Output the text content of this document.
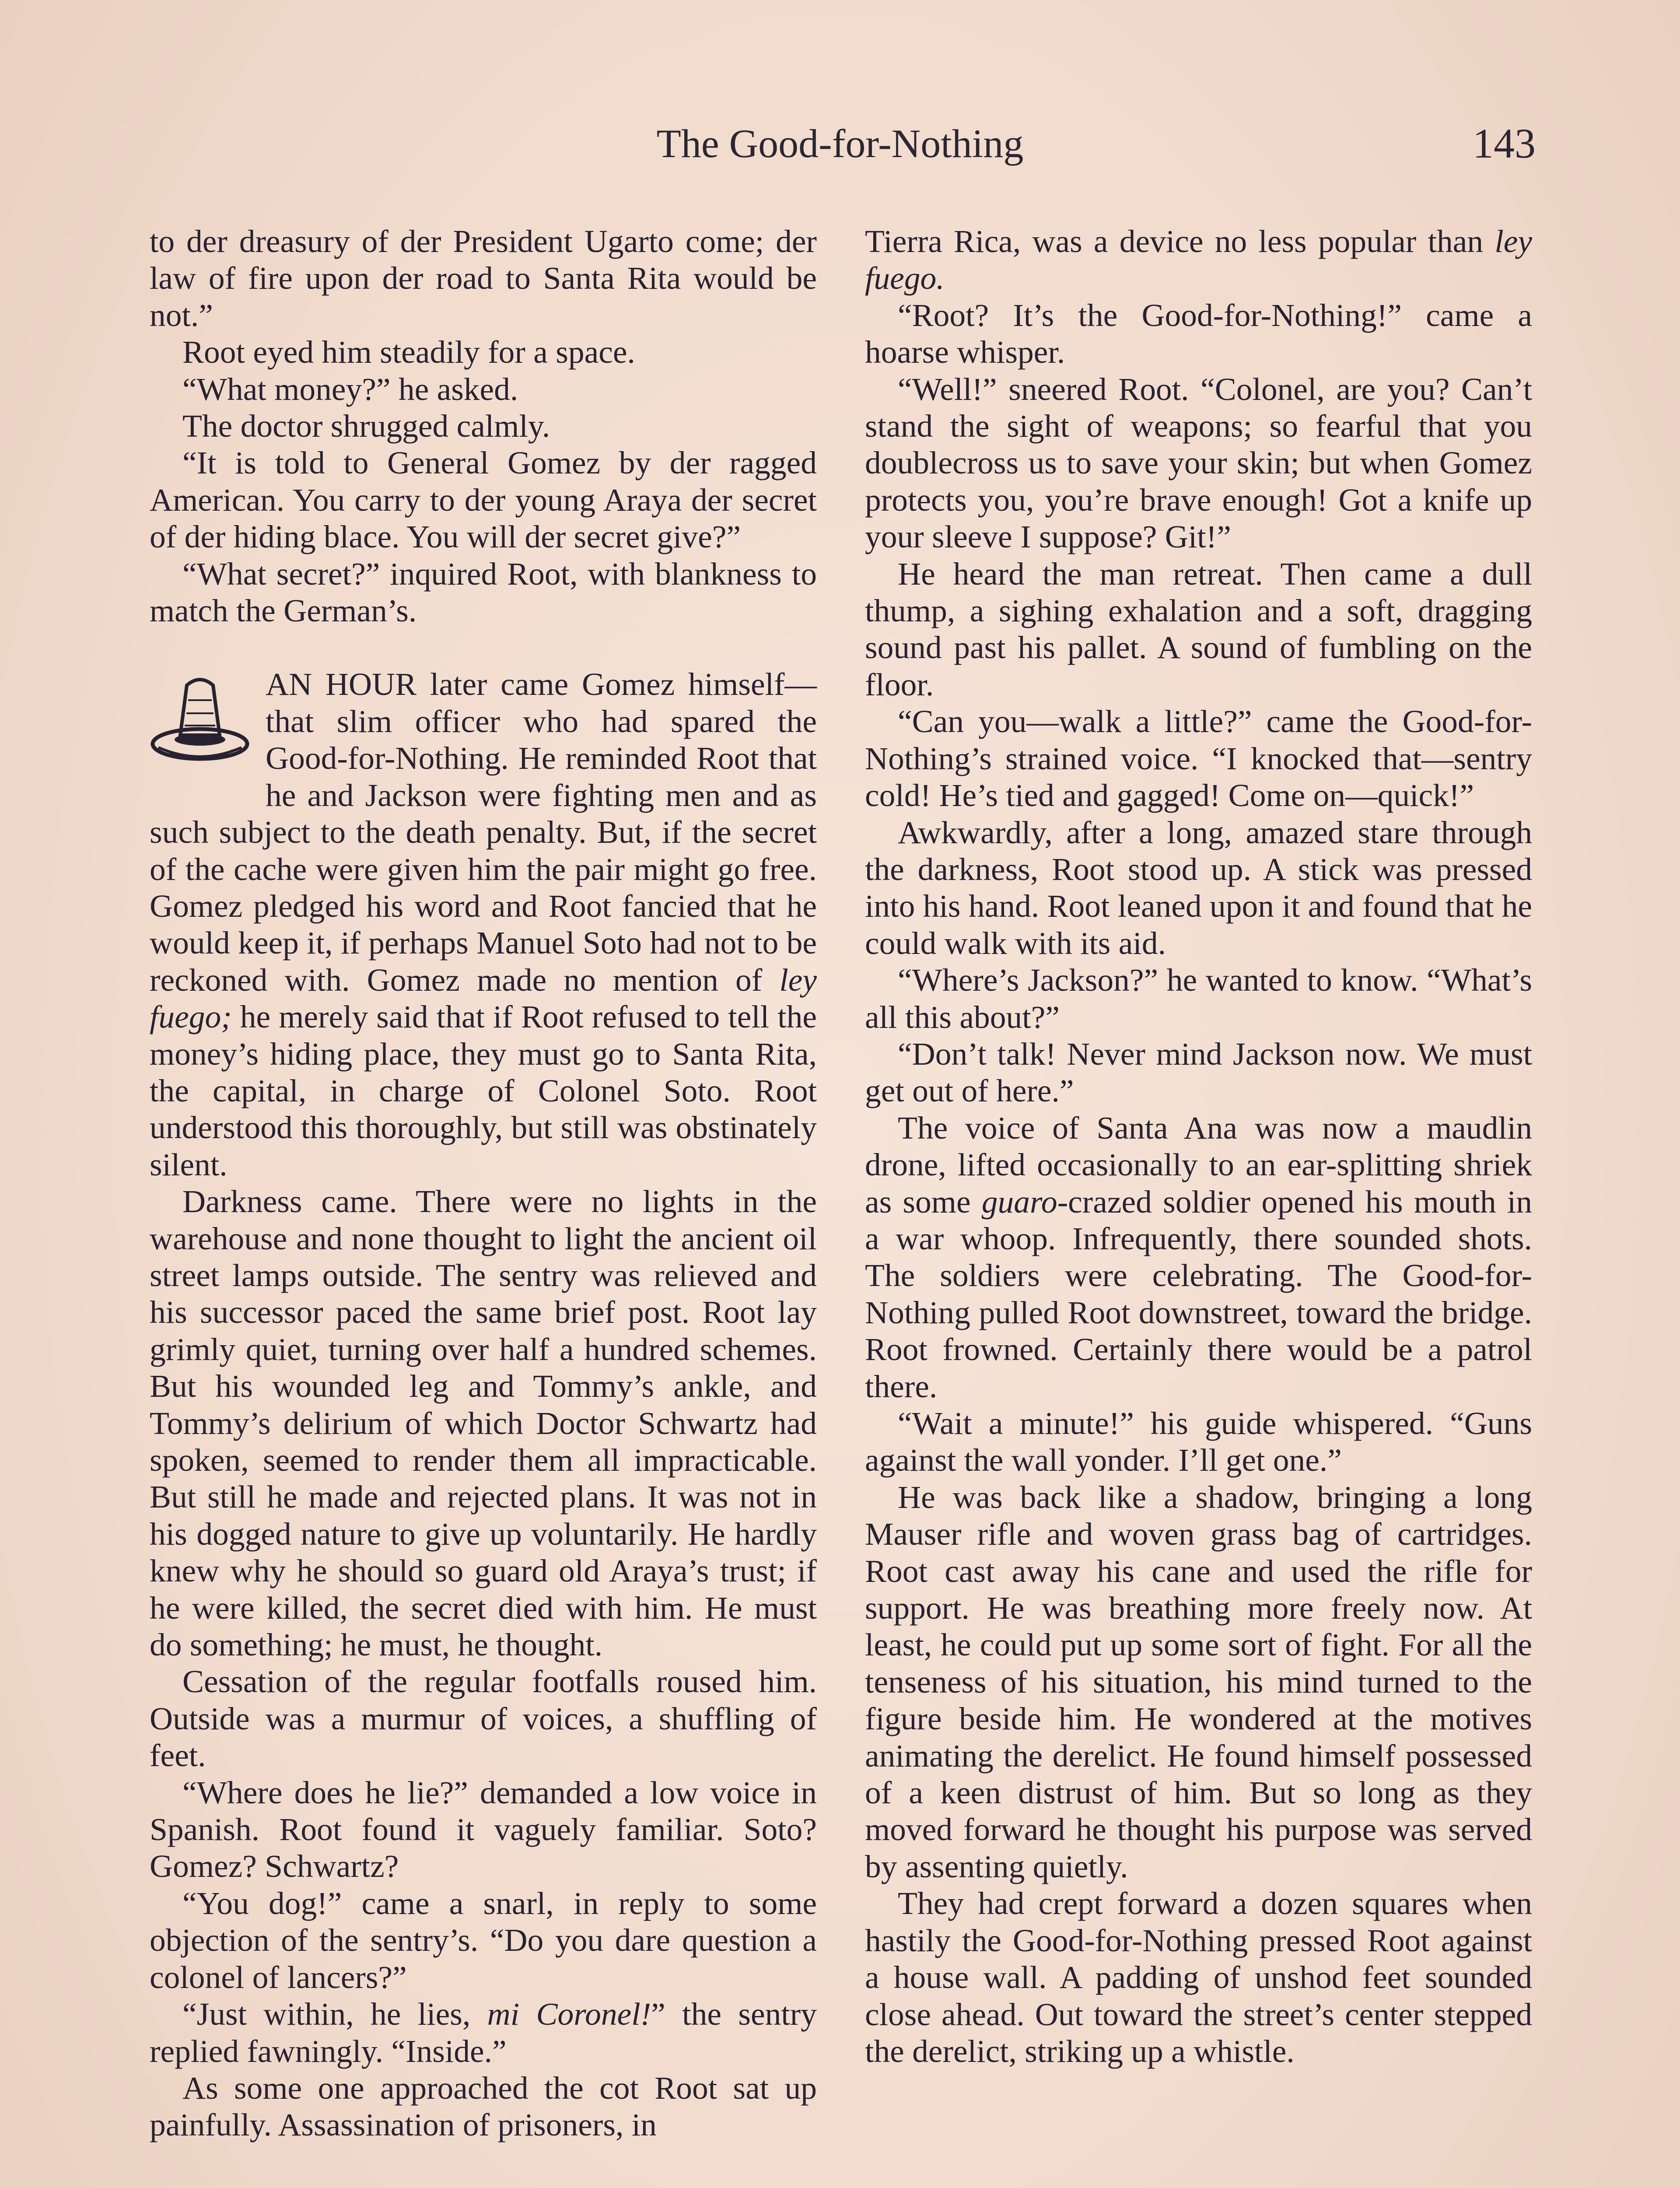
The Good-for-Nothing	143

to der dreasury of der President Ugarto come; der law of fire upon der road to Santa Rita would be not.”

Root eyed him steadily for a space.

“What money?” he asked.

The doctor shrugged calmly.

“It is told to General Gomez by der ragged American. You carry to der young Araya der secret of der hiding blace. You will der secret give?”

“What secret?” inquired Root, with blankness to match the German’s.

AN HOUR later came Gomez himself—that slim officer who had spared the Good-for-Nothing. He reminded Root that he and Jackson were fighting men and as such subject to the death penalty. But, if the secret of the cache were given him the pair might go free. Gomez pledged his word and Root fancied that he would keep it, if perhaps Manuel Soto had not to be reckoned with. Gomez made no mention of ley fuego; he merely said that if Root refused to tell the money’s hiding place, they must go to Santa Rita, the capital, in charge of Colonel Soto. Root understood this thoroughly, but still was obstinately silent.

Darkness came. There were no lights in the warehouse and none thought to light the ancient oil street lamps outside. The sentry was relieved and his successor paced the same brief post. Root lay grimly quiet, turning over half a hundred schemes. But his wounded leg and Tommy’s ankle, and Tommy’s delirium of which Doctor Schwartz had spoken, seemed to render them all impracticable. But still he made and rejected plans. It was not in his dogged nature to give up voluntarily. He hardly knew why he should so guard old Araya’s trust; if he were killed, the secret died with him. He must do something; he must, he thought.

Cessation of the regular footfalls roused him. Outside was a murmur of voices, a shuffling of feet.

“Where does he lie?” demanded a low voice in Spanish. Root found it vaguely familiar. Soto? Gomez? Schwartz?

“You dog!” came a snarl, in reply to some objection of the sentry’s. “Do you dare question a colonel of lancers?”

“Just within, he lies, mi Coronel!” the sentry replied fawningly. “Inside.”

As some one approached the cot Root sat up painfully. Assassination of prisoners, in

Tierra Rica, was a device no less popular than ley fuego.

“Root? It’s the Good-for-Nothing!” came a hoarse whisper.

“Well!” sneered Root. “Colonel, are you? Can’t stand the sight of weapons; so fearful that you doublecross us to save your skin; but when Gomez protects you, you’re brave enough! Got a knife up your sleeve I suppose? Git!”

He heard the man retreat. Then came a dull thump, a sighing exhalation and a soft, dragging sound past his pallet. A sound of fumbling on the floor.

“Can you—walk a little?” came the Good-for-Nothing’s strained voice. “I knocked that—sentry cold! He’s tied and gagged! Come on—quick!”

Awkwardly, after a long, amazed stare through the darkness, Root stood up. A stick was pressed into his hand. Root leaned upon it and found that he could walk with its aid.

“Where’s Jackson?” he wanted to know. “What’s all this about?”

“Don’t talk! Never mind Jackson now. We must get out of here.”

The voice of Santa Ana was now a maudlin drone, lifted occasionally to an ear-splitting shriek as some guaro-crazed soldier opened his mouth in a war whoop. Infrequently, there sounded shots. The soldiers were celebrating. The Good-for-Nothing pulled Root downstreet, toward the bridge. Root frowned. Certainly there would be a patrol there.

“Wait a minute!” his guide whispered. “Guns against the wall yonder. I’ll get one.”

He was back like a shadow, bringing a long Mauser rifle and woven grass bag of cartridges. Root cast away his cane and used the rifle for support. He was breathing more freely now. At least, he could put up some sort of fight. For all the tenseness of his situation, his mind turned to the figure beside him. He wondered at the motives animating the derelict. He found himself possessed of a keen distrust of him. But so long as they moved forward he thought his purpose was served by assenting quietly.

They had crept forward a dozen squares when hastily the Good-for-Nothing pressed Root against a house wall. A padding of unshod feet sounded close ahead. Out toward the street’s center stepped the derelict, striking up a whistle.
